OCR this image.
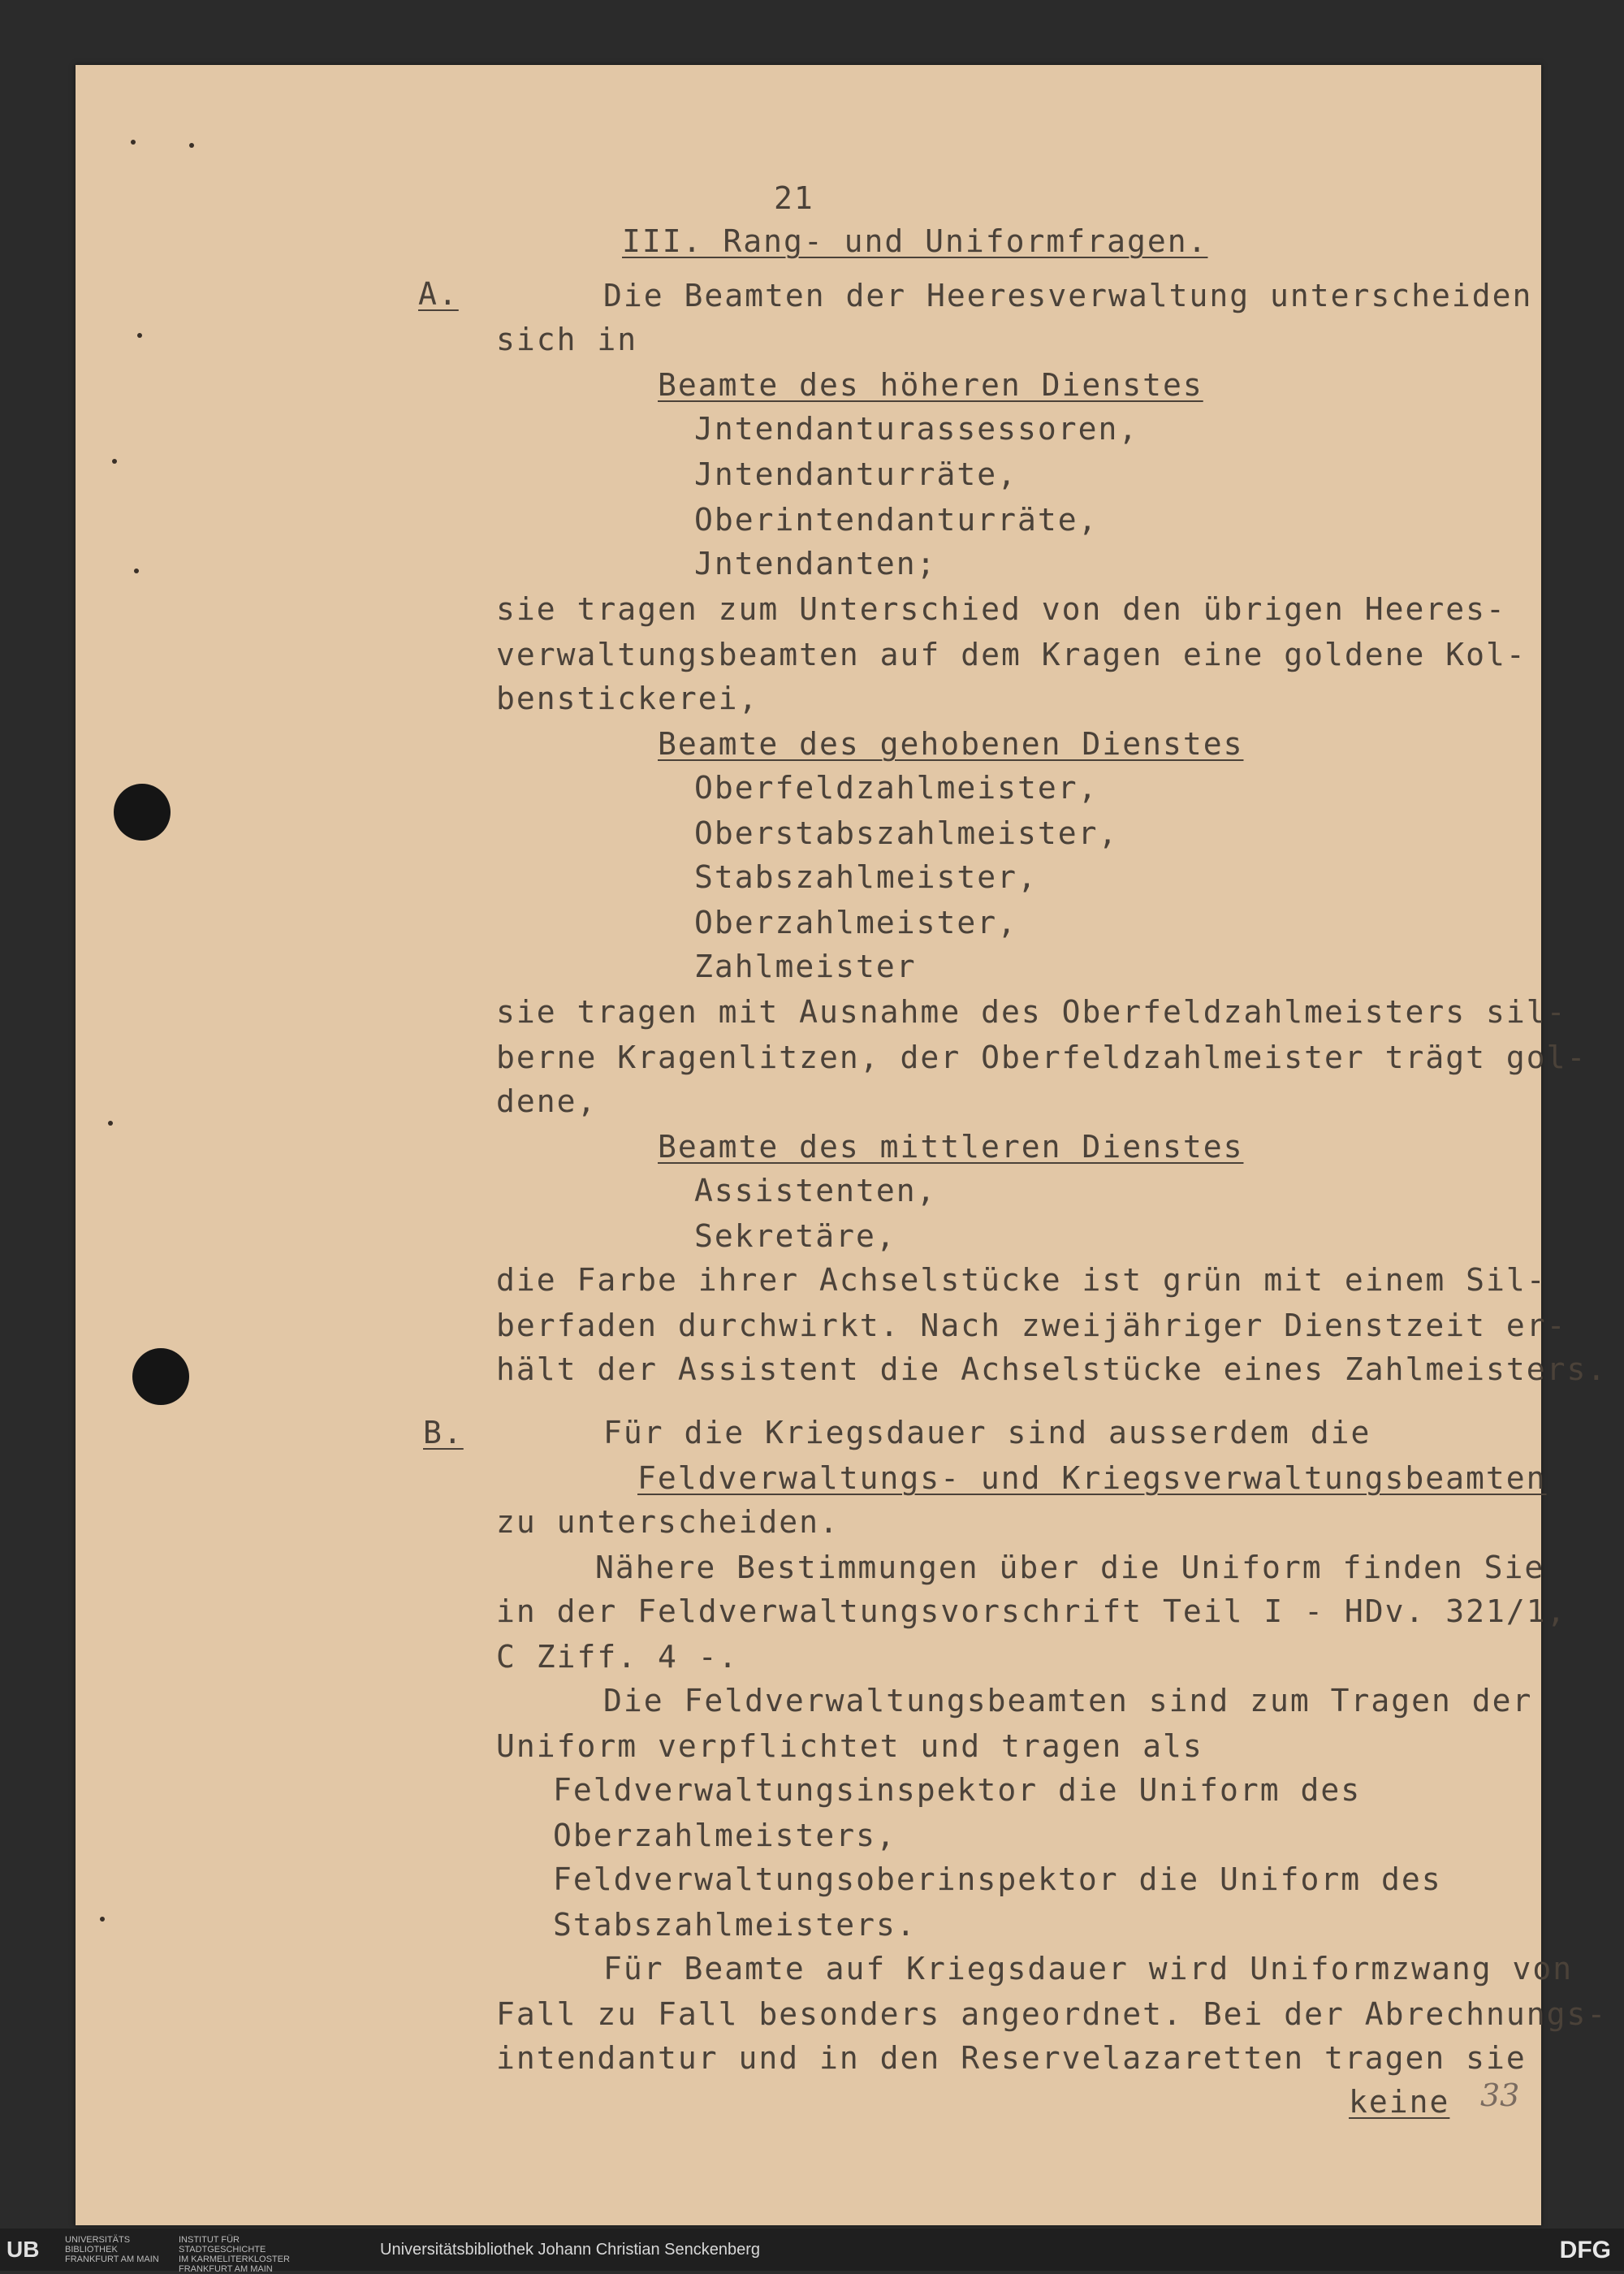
21
III. Rang- und Uniformfragen.
A.	Die Beamten der Heeresverwaltung unterscheiden
sich in
Beamte des höheren Dienstes
Jntendanturassessoren,
Jntendanturräte,
Oberintendanturräte,
Jntendanten;
sie tragen zum Unterschied von den übrigen Heeres-
verwaltungsbeamten auf dem Kragen eine goldene Kol-
benstickerei,
Beamte des gehobenen Dienstes
Oberfeldzahlmeister,
Oberstabszahlmeister,
Stabszahlmeister,
Oberzahlmeister,
Zahlmeister
sie tragen mit Ausnahme des Oberfeldzahlmeisters sil-
berne Kragenlitzen, der Oberfeldzahlmeister trägt gol-
dene,
Beamte des mittleren Dienstes
Assistenten,
Sekretäre,
die Farbe ihrer Achselstücke ist grün mit einem Sil-
berfaden durchwirkt. Nach zweijähriger Dienstzeit er-
hält der Assistent die Achselstücke eines Zahlmeisters.
B.	Für die Kriegsdauer sind ausserdem die
Feldverwaltungs- und Kriegsverwaltungsbeamten
zu unterscheiden.
Nähere Bestimmungen über die Uniform finden Sie
in der Feldverwaltungsvorschrift Teil I - HDv. 321/1,
C Ziff. 4 -.
Die Feldverwaltungsbeamten sind zum Tragen der
Uniform verpflichtet und tragen als
Feldverwaltungsinspektor die Uniform des
Oberzahlmeisters,
Feldverwaltungsoberinspektor die Uniform des
Stabszahlmeisters.
Für Beamte auf Kriegsdauer wird Uniformzwang von
Fall zu Fall besonders angeordnet. Bei der Abrechnungs-
intendantur und in den Reservelazaretten tragen sie
keine 33
UB	UNIVERSITÄTS
BIBLIOTHEK
FRANKFURT AM MAIN
INSTITUT FÜR
STADTGESCHICHTE
IM KARMELITERKLOSTER
FRANKFURT AM MAIN
Universitätsbibliothek Johann Christian Senckenberg	DFG
